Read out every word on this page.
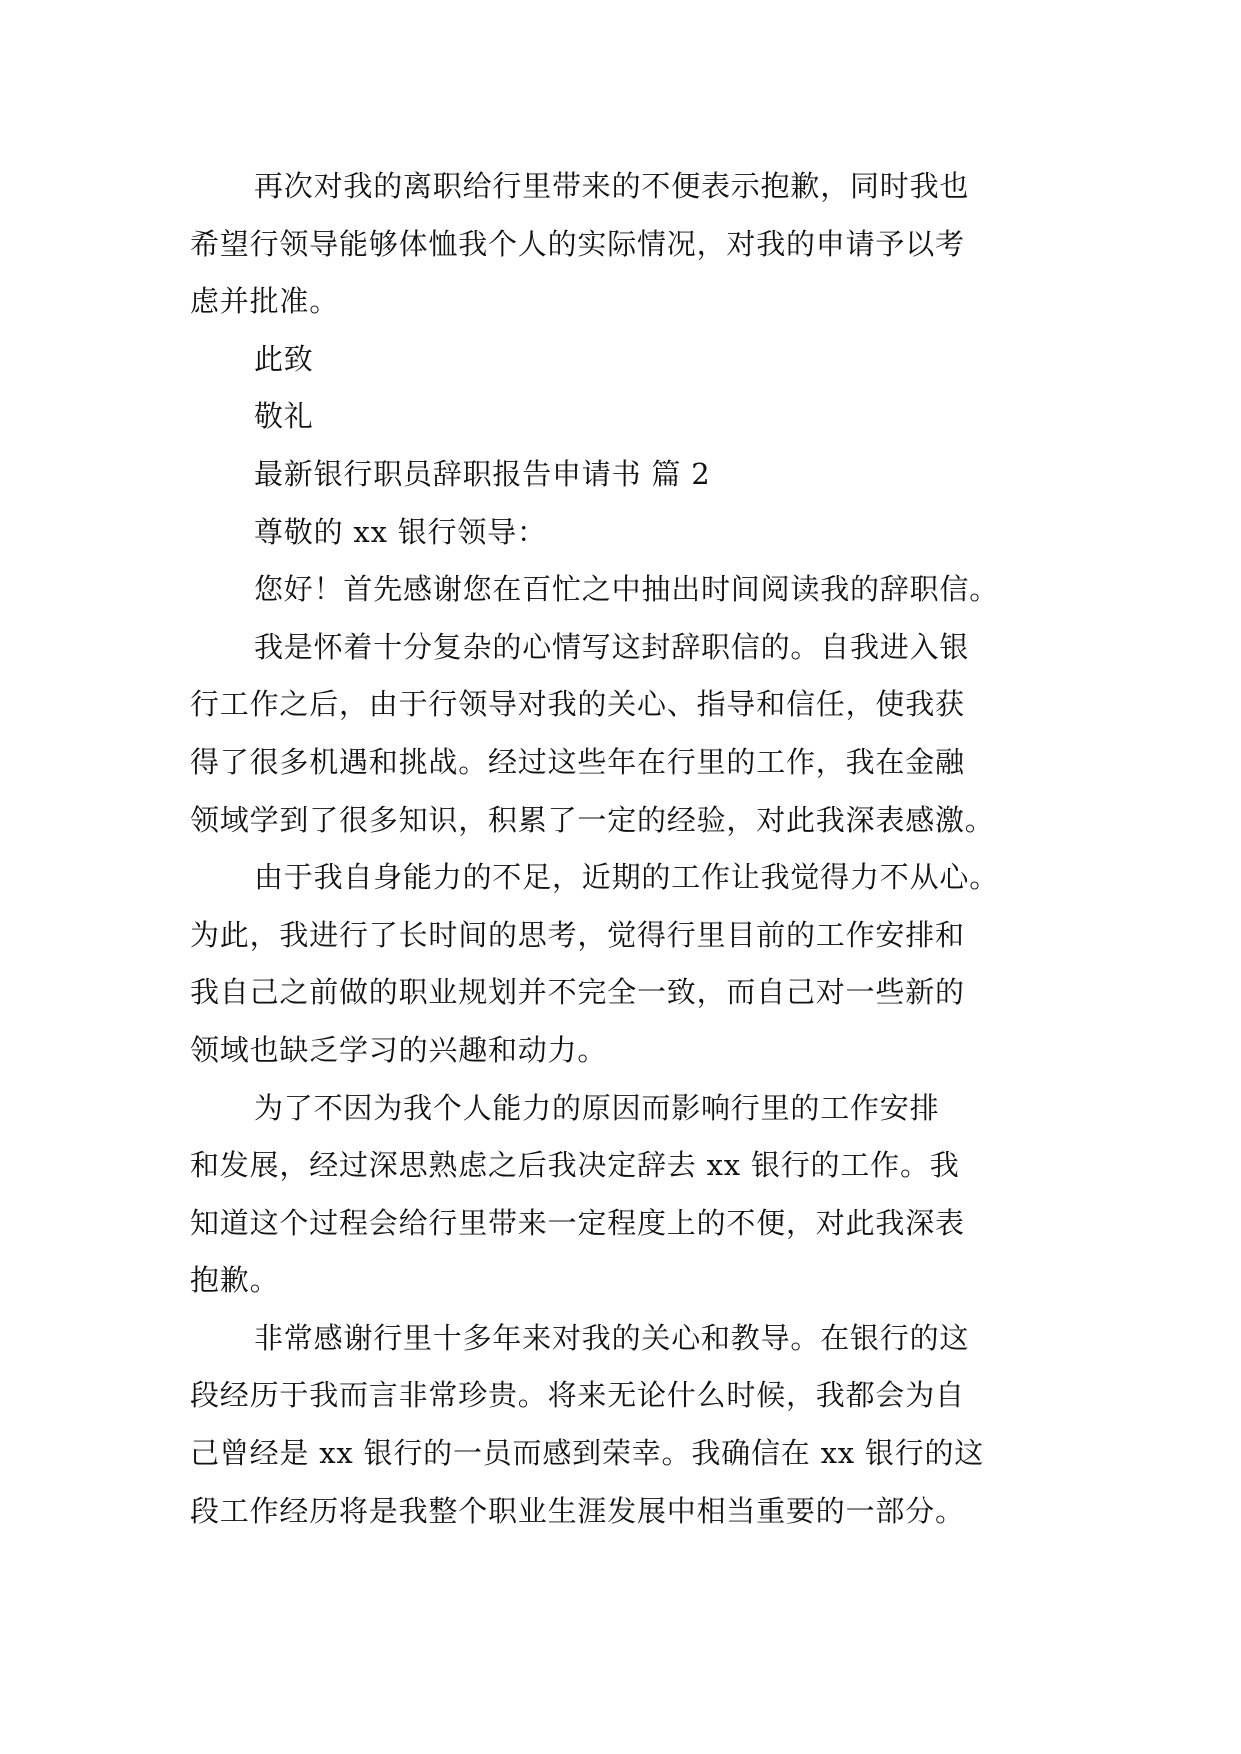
再次对我的离职给行里带来的不便表示抱歉，同时我也
希望行领导能够体恤我个人的实际情况，对我的申请予以考
虑并批准。
此致
敬礼
最新银行职员辞职报告申请书 篇 2
尊敬的 xx 银行领导：
您好！首先感谢您在百忙之中抽出时间阅读我的辞职信。
我是怀着十分复杂的心情写这封辞职信的。自我进入银
行工作之后，由于行领导对我的关心、指导和信任，使我获
得了很多机遇和挑战。经过这些年在行里的工作，我在金融
领域学到了很多知识，积累了一定的经验，对此我深表感激。
由于我自身能力的不足，近期的工作让我觉得力不从心。
为此，我进行了长时间的思考，觉得行里目前的工作安排和
我自己之前做的职业规划并不完全一致，而自己对一些新的
领域也缺乏学习的兴趣和动力。
为了不因为我个人能力的原因而影响行里的工作安排
和发展，经过深思熟虑之后我决定辞去 xx 银行的工作。我
知道这个过程会给行里带来一定程度上的不便，对此我深表
抱歉。
非常感谢行里十多年来对我的关心和教导。在银行的这
段经历于我而言非常珍贵。将来无论什么时候，我都会为自
己曾经是 xx 银行的一员而感到荣幸。我确信在 xx 银行的这
段工作经历将是我整个职业生涯发展中相当重要的一部分。
